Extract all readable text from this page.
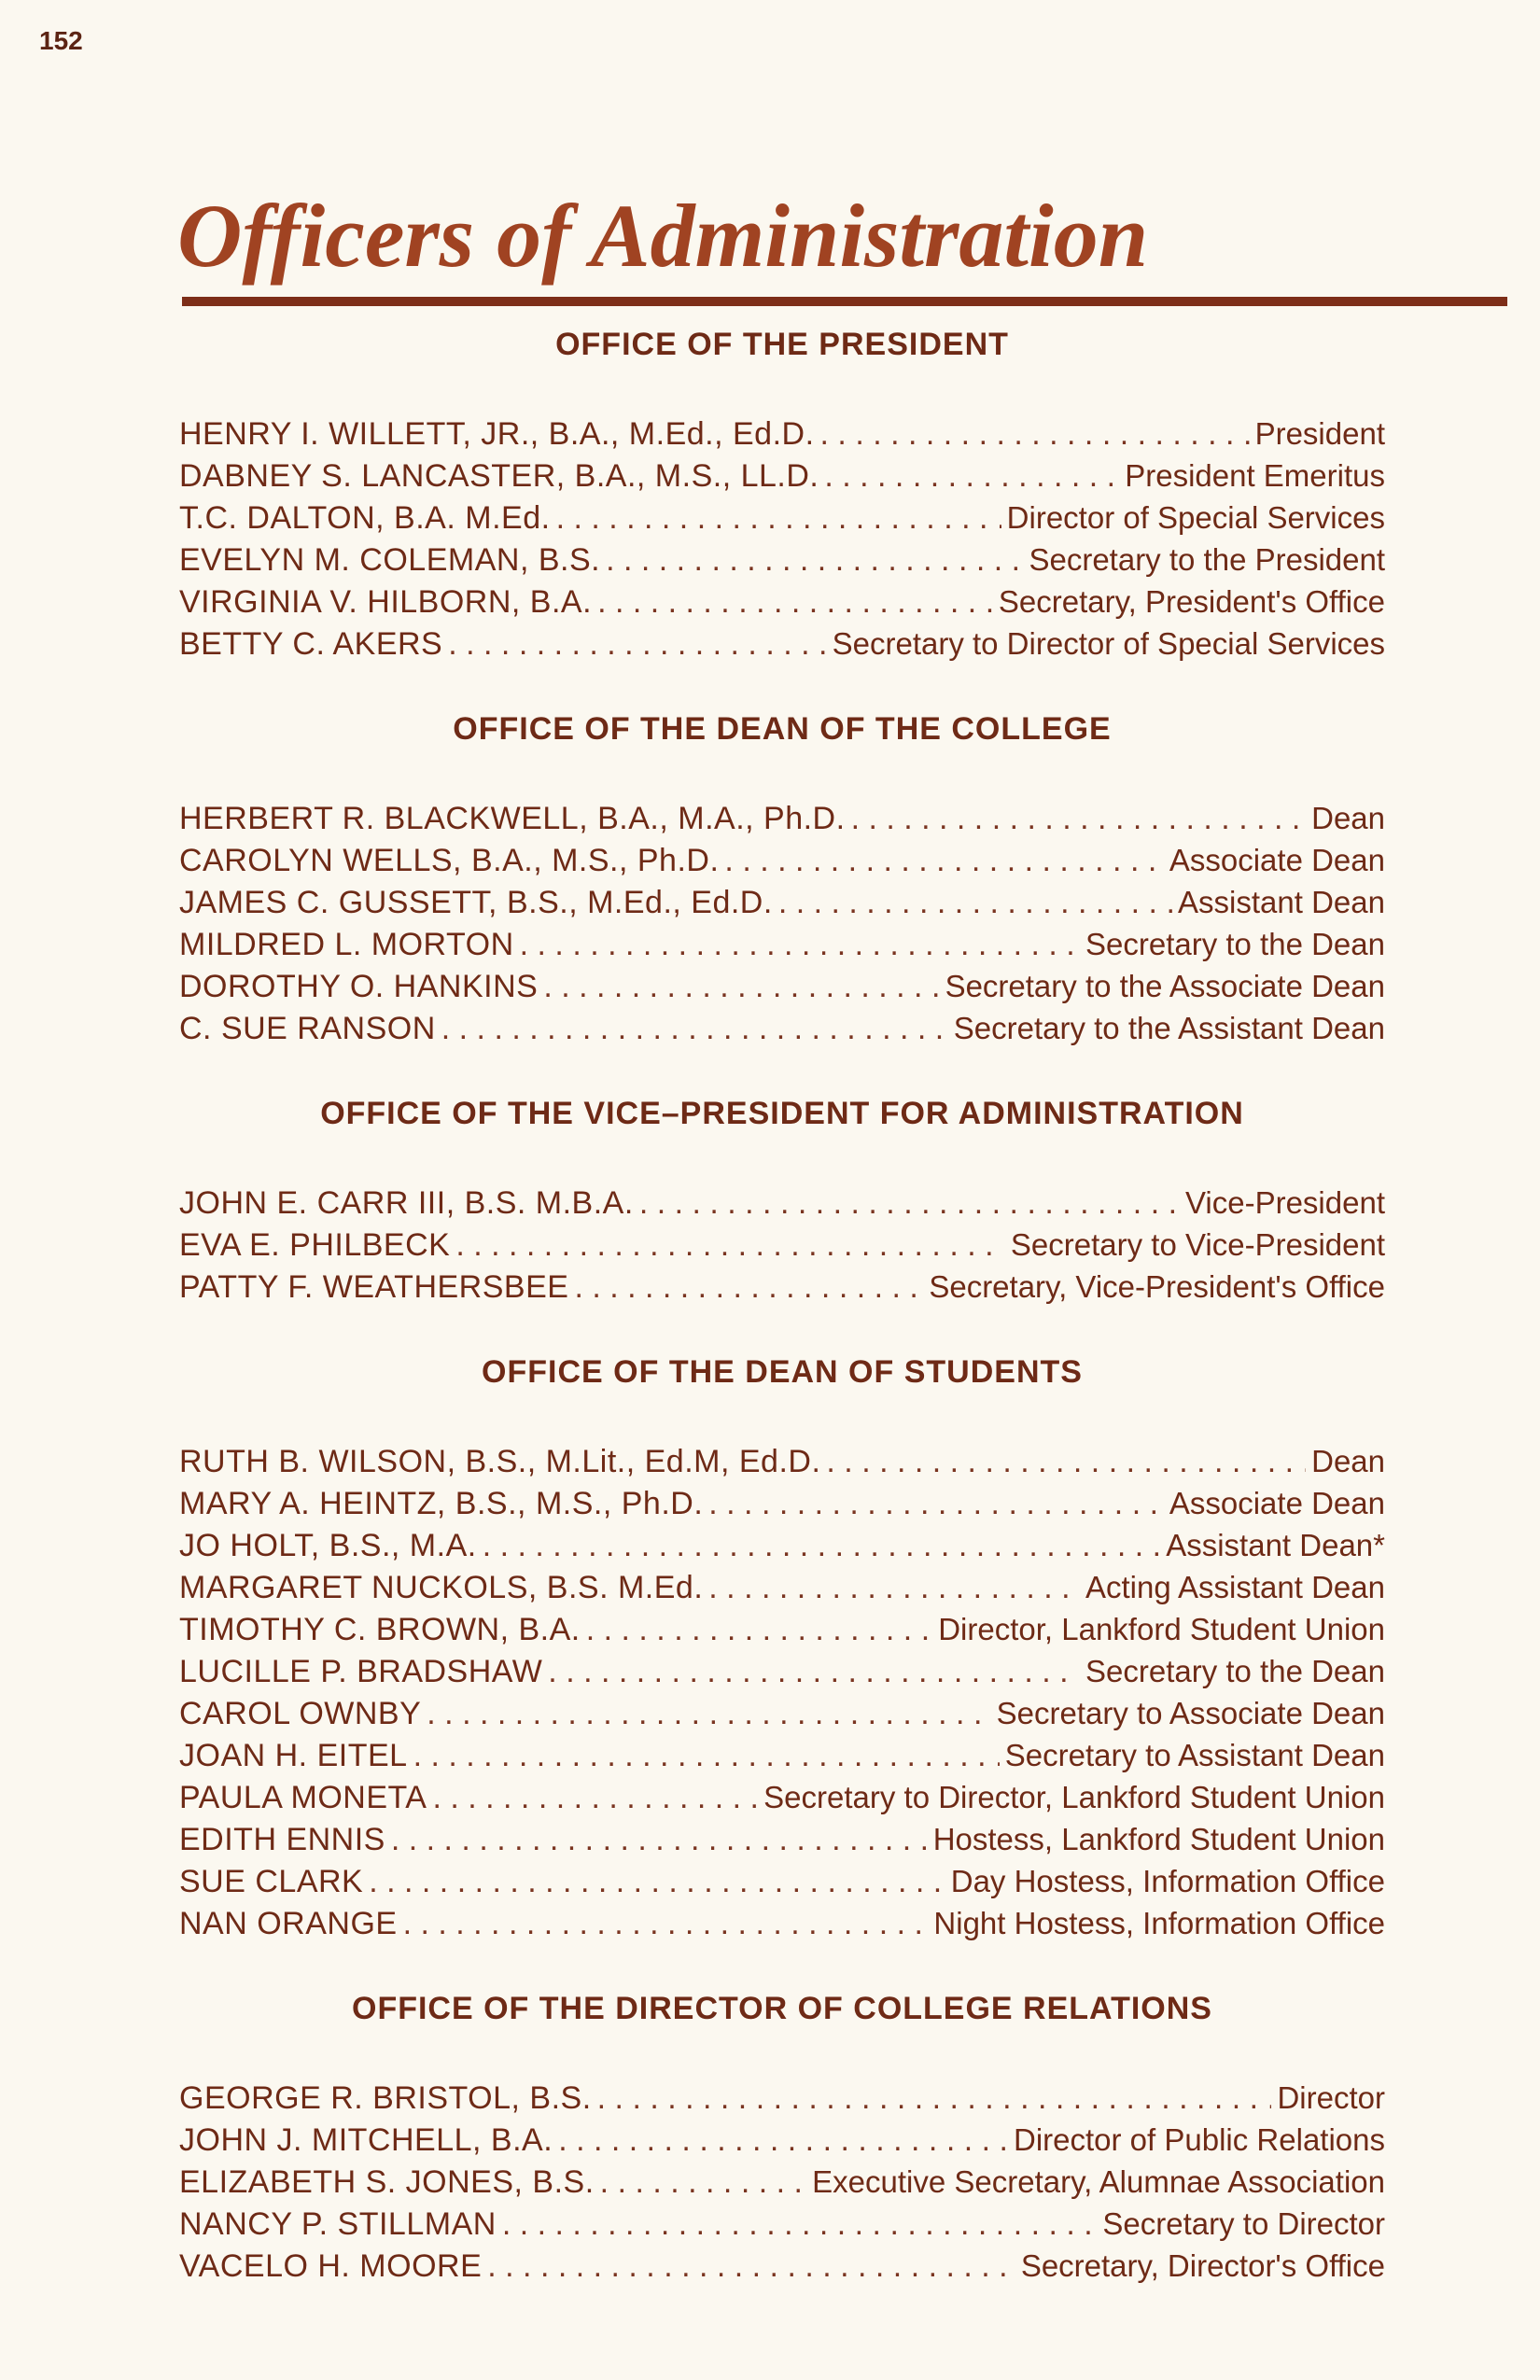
152
Officers of Administration
OFFICE OF THE PRESIDENT
HENRY I. WILLETT, JR., B.A., M.Ed., Ed.D. . . .	President
DABNEY S. LANCASTER, B.A., M.S., LL.D. . . .	President Emeritus
T.C. DALTON, B.A. M.Ed. . . .	Director of Special Services
EVELYN M. COLEMAN, B.S. . . .	Secretary to the President
VIRGINIA V. HILBORN, B.A. . . .	Secretary, President's Office
BETTY C. AKERS . . .	Secretary to Director of Special Services
OFFICE OF THE DEAN OF THE COLLEGE
HERBERT R. BLACKWELL, B.A., M.A., Ph.D. . . .	Dean
CAROLYN WELLS, B.A., M.S., Ph.D. . . .	Associate Dean
JAMES C. GUSSETT, B.S., M.Ed., Ed.D. . . .	Assistant Dean
MILDRED L. MORTON . . .	Secretary to the Dean
DOROTHY O. HANKINS . . .	Secretary to the Associate Dean
C. SUE RANSON . . .	Secretary to the Assistant Dean
OFFICE OF THE VICE–PRESIDENT FOR ADMINISTRATION
JOHN E. CARR III, B.S. M.B.A. . . .	Vice-President
EVA E. PHILBECK . . .	Secretary to Vice-President
PATTY F. WEATHERSBEE . . .	Secretary, Vice-President's Office
OFFICE OF THE DEAN OF STUDENTS
RUTH B. WILSON, B.S., M.Lit., Ed.M, Ed.D. . . .	Dean
MARY A. HEINTZ, B.S., M.S., Ph.D. . . .	Associate Dean
JO HOLT, B.S., M.A. . . .	Assistant Dean*
MARGARET NUCKOLS, B.S. M.Ed. . . .	Acting Assistant Dean
TIMOTHY C. BROWN, B.A. . . .	Director, Lankford Student Union
LUCILLE P. BRADSHAW . . .	Secretary to the Dean
CAROL OWNBY . . .	Secretary to Associate Dean
JOAN H. EITEL . . .	Secretary to Assistant Dean
PAULA MONETA . . .	Secretary to Director, Lankford Student Union
EDITH ENNIS . . .	Hostess, Lankford Student Union
SUE CLARK . . .	Day Hostess, Information Office
NAN ORANGE . . .	Night Hostess, Information Office
OFFICE OF THE DIRECTOR OF COLLEGE RELATIONS
GEORGE R. BRISTOL, B.S. . . .	Director
JOHN J. MITCHELL, B.A. . . .	Director of Public Relations
ELIZABETH S. JONES, B.S. . . .	Executive Secretary, Alumnae Association
NANCY P. STILLMAN . . .	Secretary to Director
VACELO H. MOORE . . .	Secretary, Director's Office
